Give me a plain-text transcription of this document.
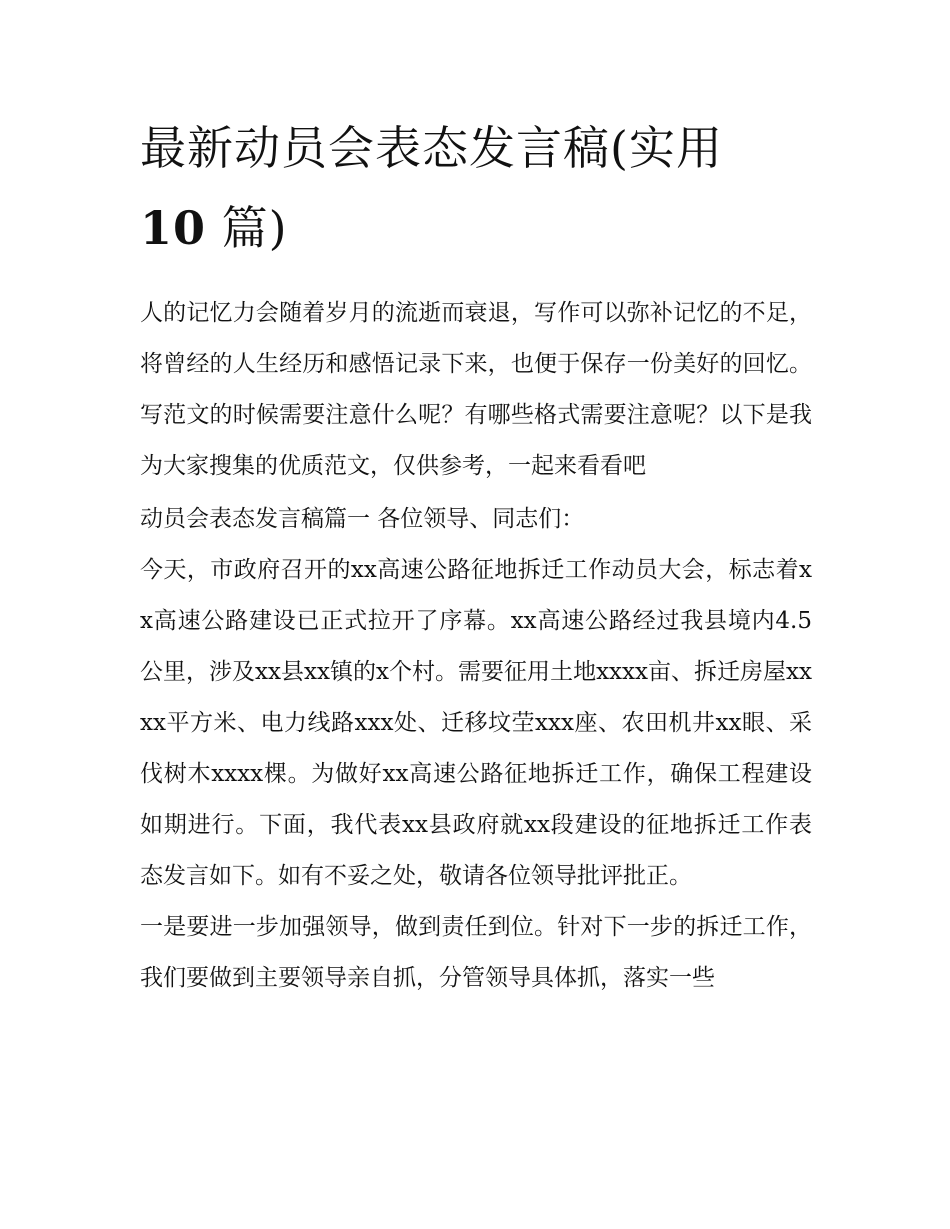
最新动员会表态发言稿(实用
10 篇)

人的记忆力会随着岁月的流逝而衰退，写作可以弥补记忆的不足，将曾经的人生经历和感悟记录下来，也便于保存一份美好的回忆。写范文的时候需要注意什么呢？有哪些格式需要注意呢？以下是我为大家搜集的优质范文，仅供参考，一起来看看吧

动员会表态发言稿篇一 各位领导、同志们：

今天，市政府召开的xx高速公路征地拆迁工作动员大会，标志着xx高速公路建设已正式拉开了序幕。xx高速公路经过我县境内4.5公里，涉及xx县xx镇的x个村。需要征用土地xxxx亩、拆迁房屋xxxx平方米、电力线路xxx处、迁移坟茔xxx座、农田机井xx眼、采伐树木xxxx棵。为做好xx高速公路征地拆迁工作，确保工程建设如期进行。下面，我代表xx县政府就xx段建设的征地拆迁工作表态发言如下。如有不妥之处，敬请各位领导批评批正。

一是要进一步加强领导，做到责任到位。针对下一步的拆迁工作，我们要做到主要领导亲自抓，分管领导具体抓，落实一些
